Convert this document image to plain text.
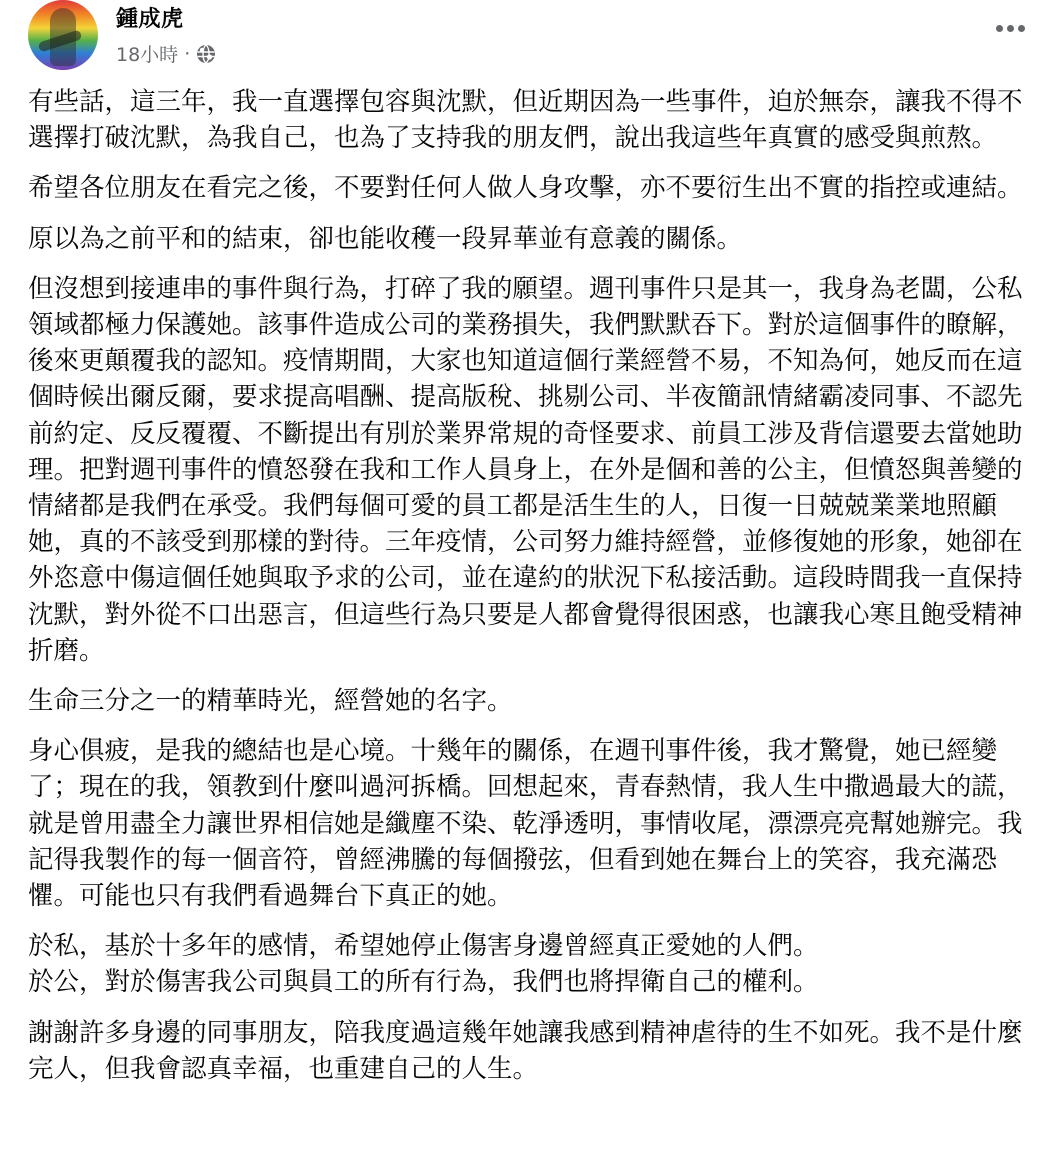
鍾成虎
18小時 ·

有些話，這三年，我一直選擇包容與沈默，但近期因為一些事件，迫於無奈，讓我不得不選擇打破沈默，為我自己，也為了支持我的朋友們，說出我這些年真實的感受與煎熬。

希望各位朋友在看完之後，不要對任何人做人身攻擊，亦不要衍生出不實的指控或連結。

原以為之前平和的結束，卻也能收穫一段昇華並有意義的關係。

但沒想到接連串的事件與行為，打碎了我的願望。週刊事件只是其一，我身為老闆，公私領域都極力保護她。該事件造成公司的業務損失，我們默默吞下。對於這個事件的瞭解，後來更顛覆我的認知。疫情期間，大家也知道這個行業經營不易，不知為何，她反而在這個時候出爾反爾，要求提高唱酬、提高版稅、挑剔公司、半夜簡訊情緒霸凌同事、不認先前約定、反反覆覆、不斷提出有別於業界常規的奇怪要求、前員工涉及背信還要去當她助理。把對週刊事件的憤怒發在我和工作人員身上，在外是個和善的公主，但憤怒與善變的情緒都是我們在承受。我們每個可愛的員工都是活生生的人，日復一日兢兢業業地照顧她，真的不該受到那樣的對待。三年疫情，公司努力維持經營，並修復她的形象，她卻在外恣意中傷這個任她與取予求的公司，並在違約的狀況下私接活動。這段時間我一直保持沈默，對外從不口出惡言，但這些行為只要是人都會覺得很困惑，也讓我心寒且飽受精神折磨。

生命三分之一的精華時光，經營她的名字。

身心俱疲，是我的總結也是心境。十幾年的關係，在週刊事件後，我才驚覺，她已經變了；現在的我，領教到什麼叫過河拆橋。回想起來，青春熱情，我人生中撒過最大的謊，就是曾用盡全力讓世界相信她是纖塵不染、乾淨透明，事情收尾，漂漂亮亮幫她辦完。我記得我製作的每一個音符，曾經沸騰的每個撥弦，但看到她在舞台上的笑容，我充滿恐懼。可能也只有我們看過舞台下真正的她。

於私，基於十多年的感情，希望她停止傷害身邊曾經真正愛她的人們。
於公，對於傷害我公司與員工的所有行為，我們也將捍衛自己的權利。

謝謝許多身邊的同事朋友，陪我度過這幾年她讓我感到精神虐待的生不如死。我不是什麼完人，但我會認真幸福，也重建自己的人生。
